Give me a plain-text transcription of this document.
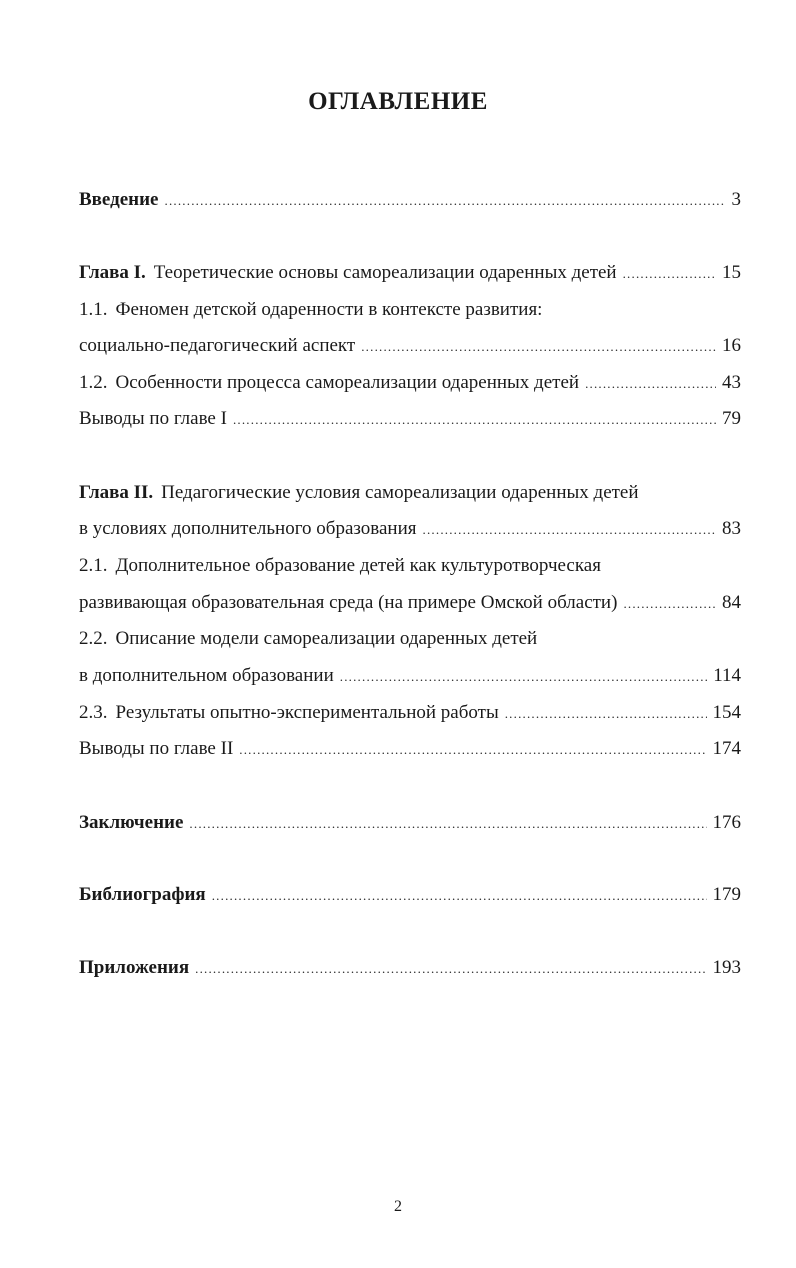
ОГЛАВЛЕНИЕ
Введение .....	3
Глава I. Теоретические основы самореализации одаренных детей .....	15
1.1. Феномен детской одаренности в контексте развития:
социально-педагогический аспект .....	16
1.2. Особенности процесса самореализации одаренных детей .....	43
Выводы по главе I .....	79
Глава II. Педагогические условия самореализации одаренных детей
в условиях дополнительного образования .....	83
2.1. Дополнительное образование детей как культуротворческая
развивающая образовательная среда (на примере Омской области) .....	84
2.2. Описание модели самореализации одаренных детей
в дополнительном образовании .....	114
2.3. Результаты опытно-экспериментальной работы .....	154
Выводы по главе II .....	174
Заключение .....	176
Библиография .....	179
Приложения .....	193
2
